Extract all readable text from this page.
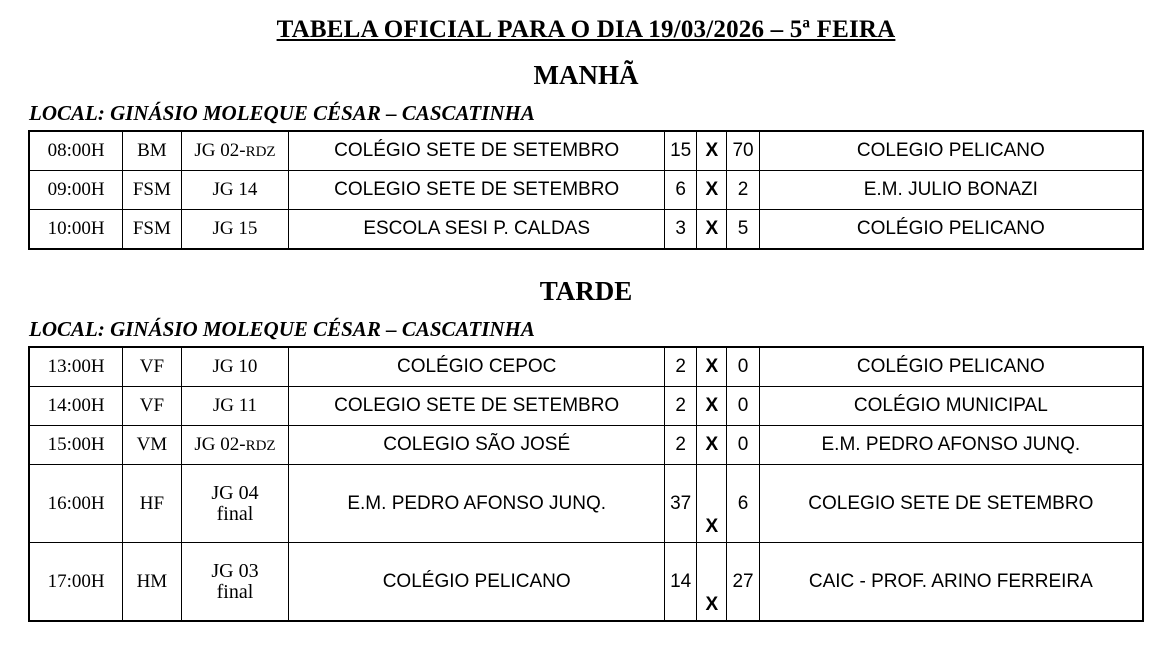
TABELA OFICIAL PARA O DIA 19/03/2026 – 5ª FEIRA
MANHÃ
LOCAL: GINÁSIO MOLEQUE CÉSAR – CASCATINHA
08:00H	BM	JG 02-RDZ	COLÉGIO SETE DE SETEMBRO	15	X	70	COLEGIO PELICANO
09:00H	FSM	JG 14	COLEGIO SETE DE SETEMBRO	6	X	2	E.M. JULIO BONAZI
10:00H	FSM	JG 15	ESCOLA SESI P. CALDAS	3	X	5	COLÉGIO PELICANO
TARDE
LOCAL: GINÁSIO MOLEQUE CÉSAR – CASCATINHA
13:00H	VF	JG 10	COLÉGIO CEPOC	2	X	0	COLÉGIO PELICANO
14:00H	VF	JG 11	COLEGIO SETE DE SETEMBRO	2	X	0	COLÉGIO MUNICIPAL
15:00H	VM	JG 02-RDZ	COLEGIO SÃO JOSÉ	2	X	0	E.M. PEDRO AFONSO JUNQ.
16:00H	HF	JG 04
final	E.M. PEDRO AFONSO JUNQ.	37	X	6	COLEGIO SETE DE SETEMBRO
17:00H	HM	JG 03
final	COLÉGIO PELICANO	14	X	27	CAIC - PROF. ARINO FERREIRA
